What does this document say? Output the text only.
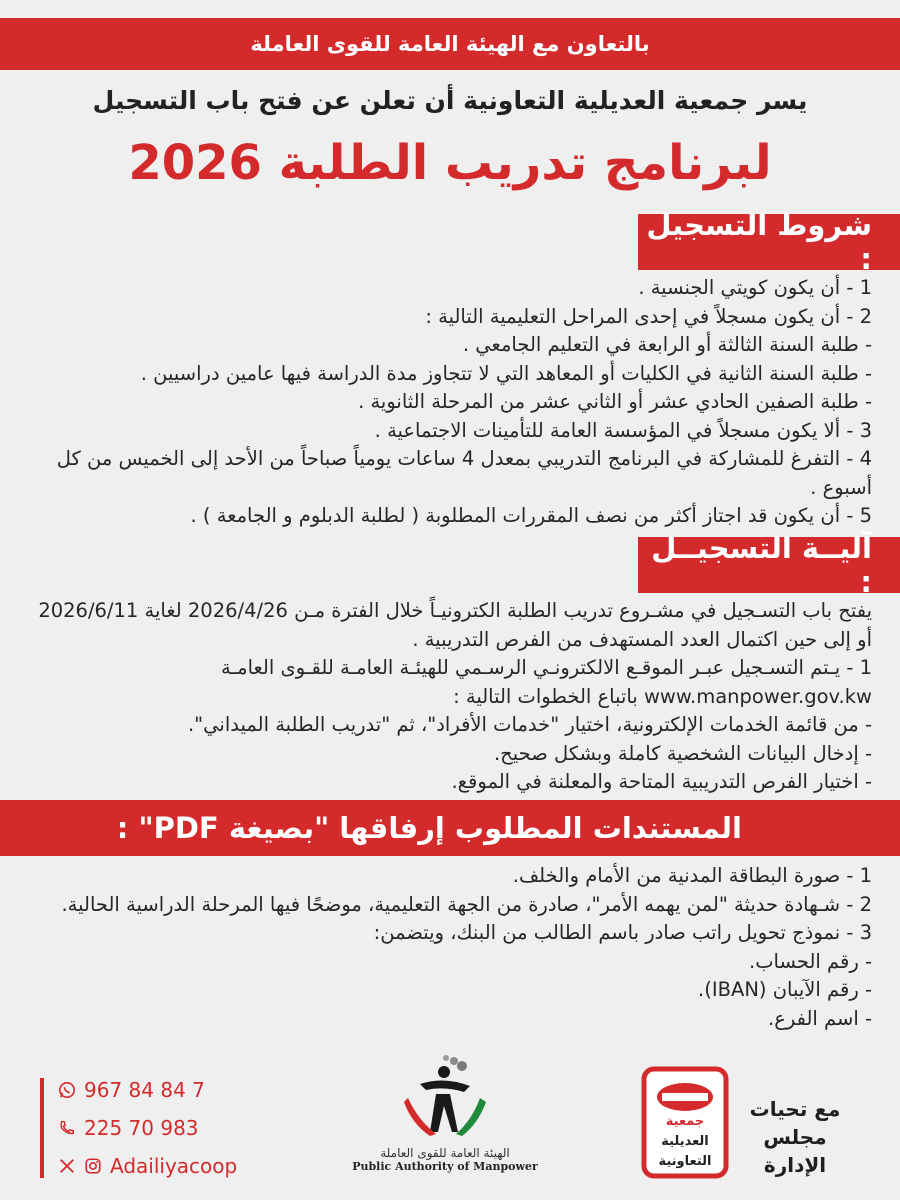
بالتعاون مع الهيئة العامة للقوى العاملة
يسر جمعية العديلية التعاونية أن تعلن عن فتح باب التسجيل
لبرنامج تدريب الطلبة 2026
شروط التسجيل :

1 - أن يكون كويتي الجنسية .

2 - أن يكون مسجلاً في إحدى المراحل التعليمية التالية :

- طلبة السنة الثالثة أو الرابعة في التعليم الجامعي .

- طلبة السنة الثانية في الكليات أو المعاهد التي لا تتجاوز مدة الدراسة فيها عامين دراسيين .

- طلبة الصفين الحادي عشر أو الثاني عشر من المرحلة الثانوية .

3 - ألا يكون مسجلاً في المؤسسة العامة للتأمينات الاجتماعية .

4 - التفرغ للمشاركة في البرنامج التدريبي بمعدل 4 ساعات يومياً صباحاً من الأحد إلى الخميس من كل أسبوع .

5 - أن يكون قد اجتاز أكثر من نصف المقررات المطلوبة ( لطلبة الدبلوم و الجامعة ) .

آليــة التسجيــل :

يفتح باب التسـجيل في مشـروع تدريب الطلبة الكترونيـاً خلال الفترة مـن 2026/4/26 لغاية 2026/6/11 أو إلى حين اكتمال العدد المستهدف من الفرص التدريبية .

1 - يـتم التسـجيل عبـر الموقـع الالكترونـي الرسـمي للهيئـة العامـة للقـوى العامـة www.manpower.gov.kw باتباع الخطوات التالية :

- من قائمة الخدمات الإلكترونية، اختيار "خدمات الأفراد"، ثم "تدريب الطلبة الميداني".

- إدخال البيانات الشخصية كاملة وبشكل صحيح.

- اختيار الفرص التدريبية المتاحة والمعلنة في الموقع.

المستندات المطلوب إرفاقها "بصيغة PDF" :

1 - صورة البطاقة المدنية من الأمام والخلف.

2 - شـهادة حديثة "لمن يهمه الأمر"، صادرة من الجهة التعليمية، موضحًا فيها المرحلة الدراسية الحالية.

3 - نموذج تحويل راتب صادر باسم الطالب من البنك، ويتضمن:

- رقم الحساب.

- رقم الآيبان (IBAN).

- اسم الفرع.

967 84 84 7
225 70 983
Adailiyacoop
الهيئة العامة للقوى العاملة
Public Authority of Manpower
جمعية
العديلية
التعاونية
مع تحيات
مجلس الإدارة
